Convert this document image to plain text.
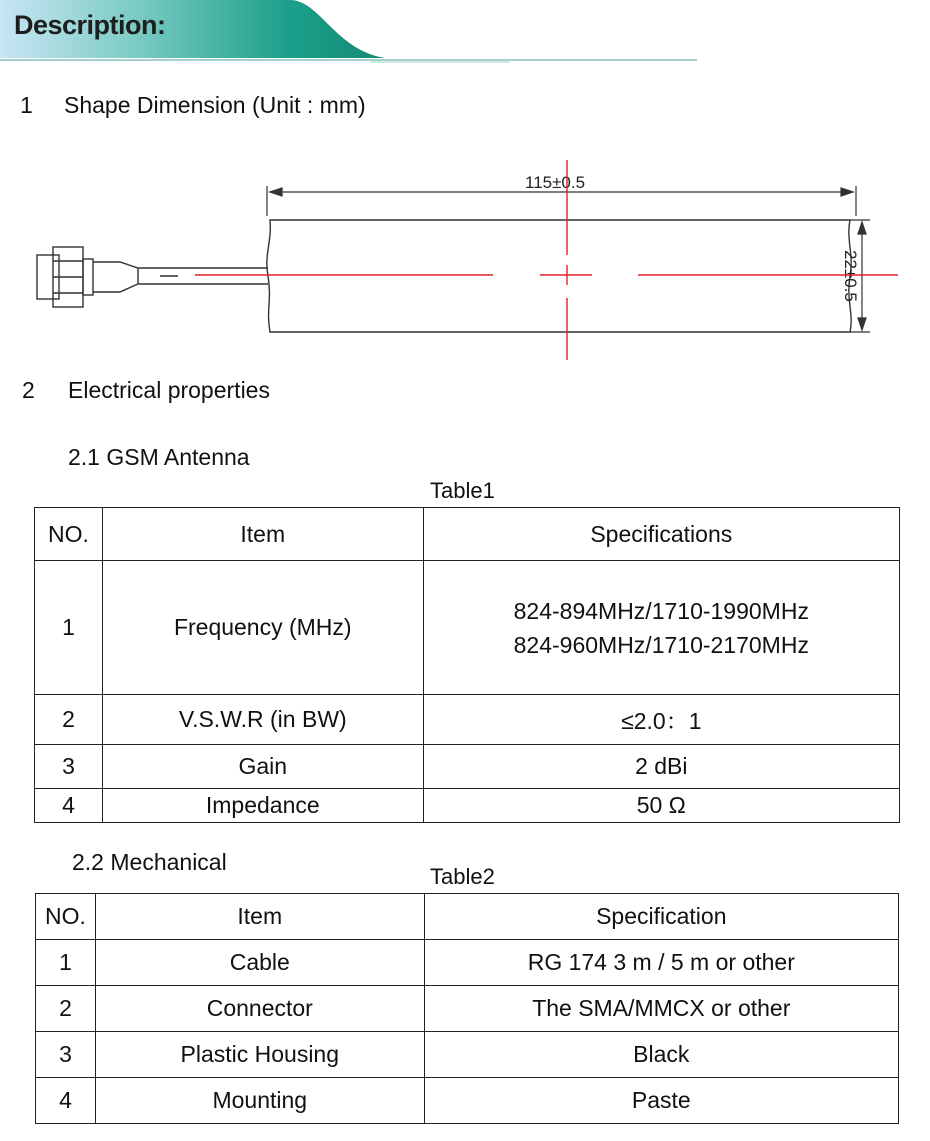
Description:
1 Shape Dimension (Unit : mm)
115±0.5
22±0.5
2 Electrical properties
2.1 GSM Antenna
Table1
NO.	Item	Specifications
1	Frequency (MHz)	824-894MHz/1710-1990MHz
824-960MHz/1710-2170MHz

2	V.S.W.R (in BW)	≤2.0：1
3	Gain	2 dBi
4	Impedance	50 Ω
2.2 Mechanical
Table2
NO.	Item	Specification
1	Cable	RG 174 3 m / 5 m or other
2	Connector	The SMA/MMCX or other
3	Plastic Housing	Black
4	Mounting	Paste
